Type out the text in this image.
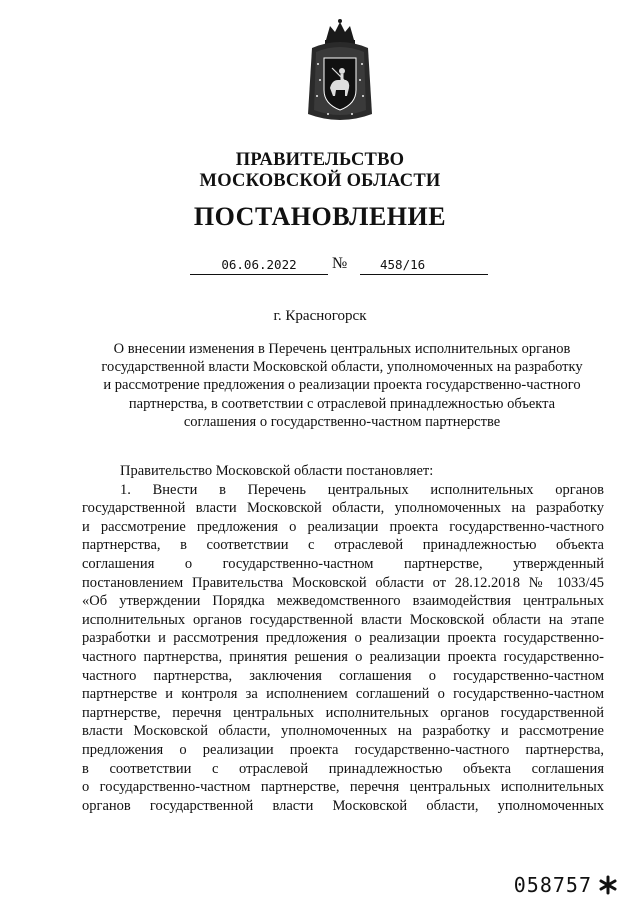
ПРАВИТЕЛЬСТВО
МОСКОВСКОЙ ОБЛАСТИ
ПОСТАНОВЛЕНИЕ
06.06.2022	№	458/16
г. Красногорск
О внесении изменения в Перечень центральных исполнительных органов
государственной власти Московской области, уполномоченных на разработку
и рассмотрение предложения о реализации проекта государственно-частного
партнерства, в соответствии с отраслевой принадлежностью объекта
соглашения о государственно-частном партнерстве
Правительство Московской области постановляет:
1. Внести в Перечень центральных исполнительных органов
государственной власти Московской области, уполномоченных на разработку
и рассмотрение предложения о реализации проекта государственно-частного
партнерства, в соответствии с отраслевой принадлежностью объекта
соглашения о государственно-частном партнерстве, утвержденный
постановлением Правительства Московской области от 28.12.2018 № 1033/45
«Об утверждении Порядка межведомственного взаимодействия центральных
исполнительных органов государственной власти Московской области на этапе
разработки и рассмотрения предложения о реализации проекта государственно-
частного партнерства, принятия решения о реализации проекта государственно-
частного партнерства, заключения соглашения о государственно-частном
партнерстве и контроля за исполнением соглашений о государственно-частном
партнерстве, перечня центральных исполнительных органов государственной
власти Московской области, уполномоченных на разработку и рассмотрение
предложения о реализации проекта государственно-частного партнерства,
в соответствии с отраслевой принадлежностью объекта соглашения
о государственно-частном партнерстве, перечня центральных исполнительных
органов государственной власти Московской области, уполномоченных
058757
